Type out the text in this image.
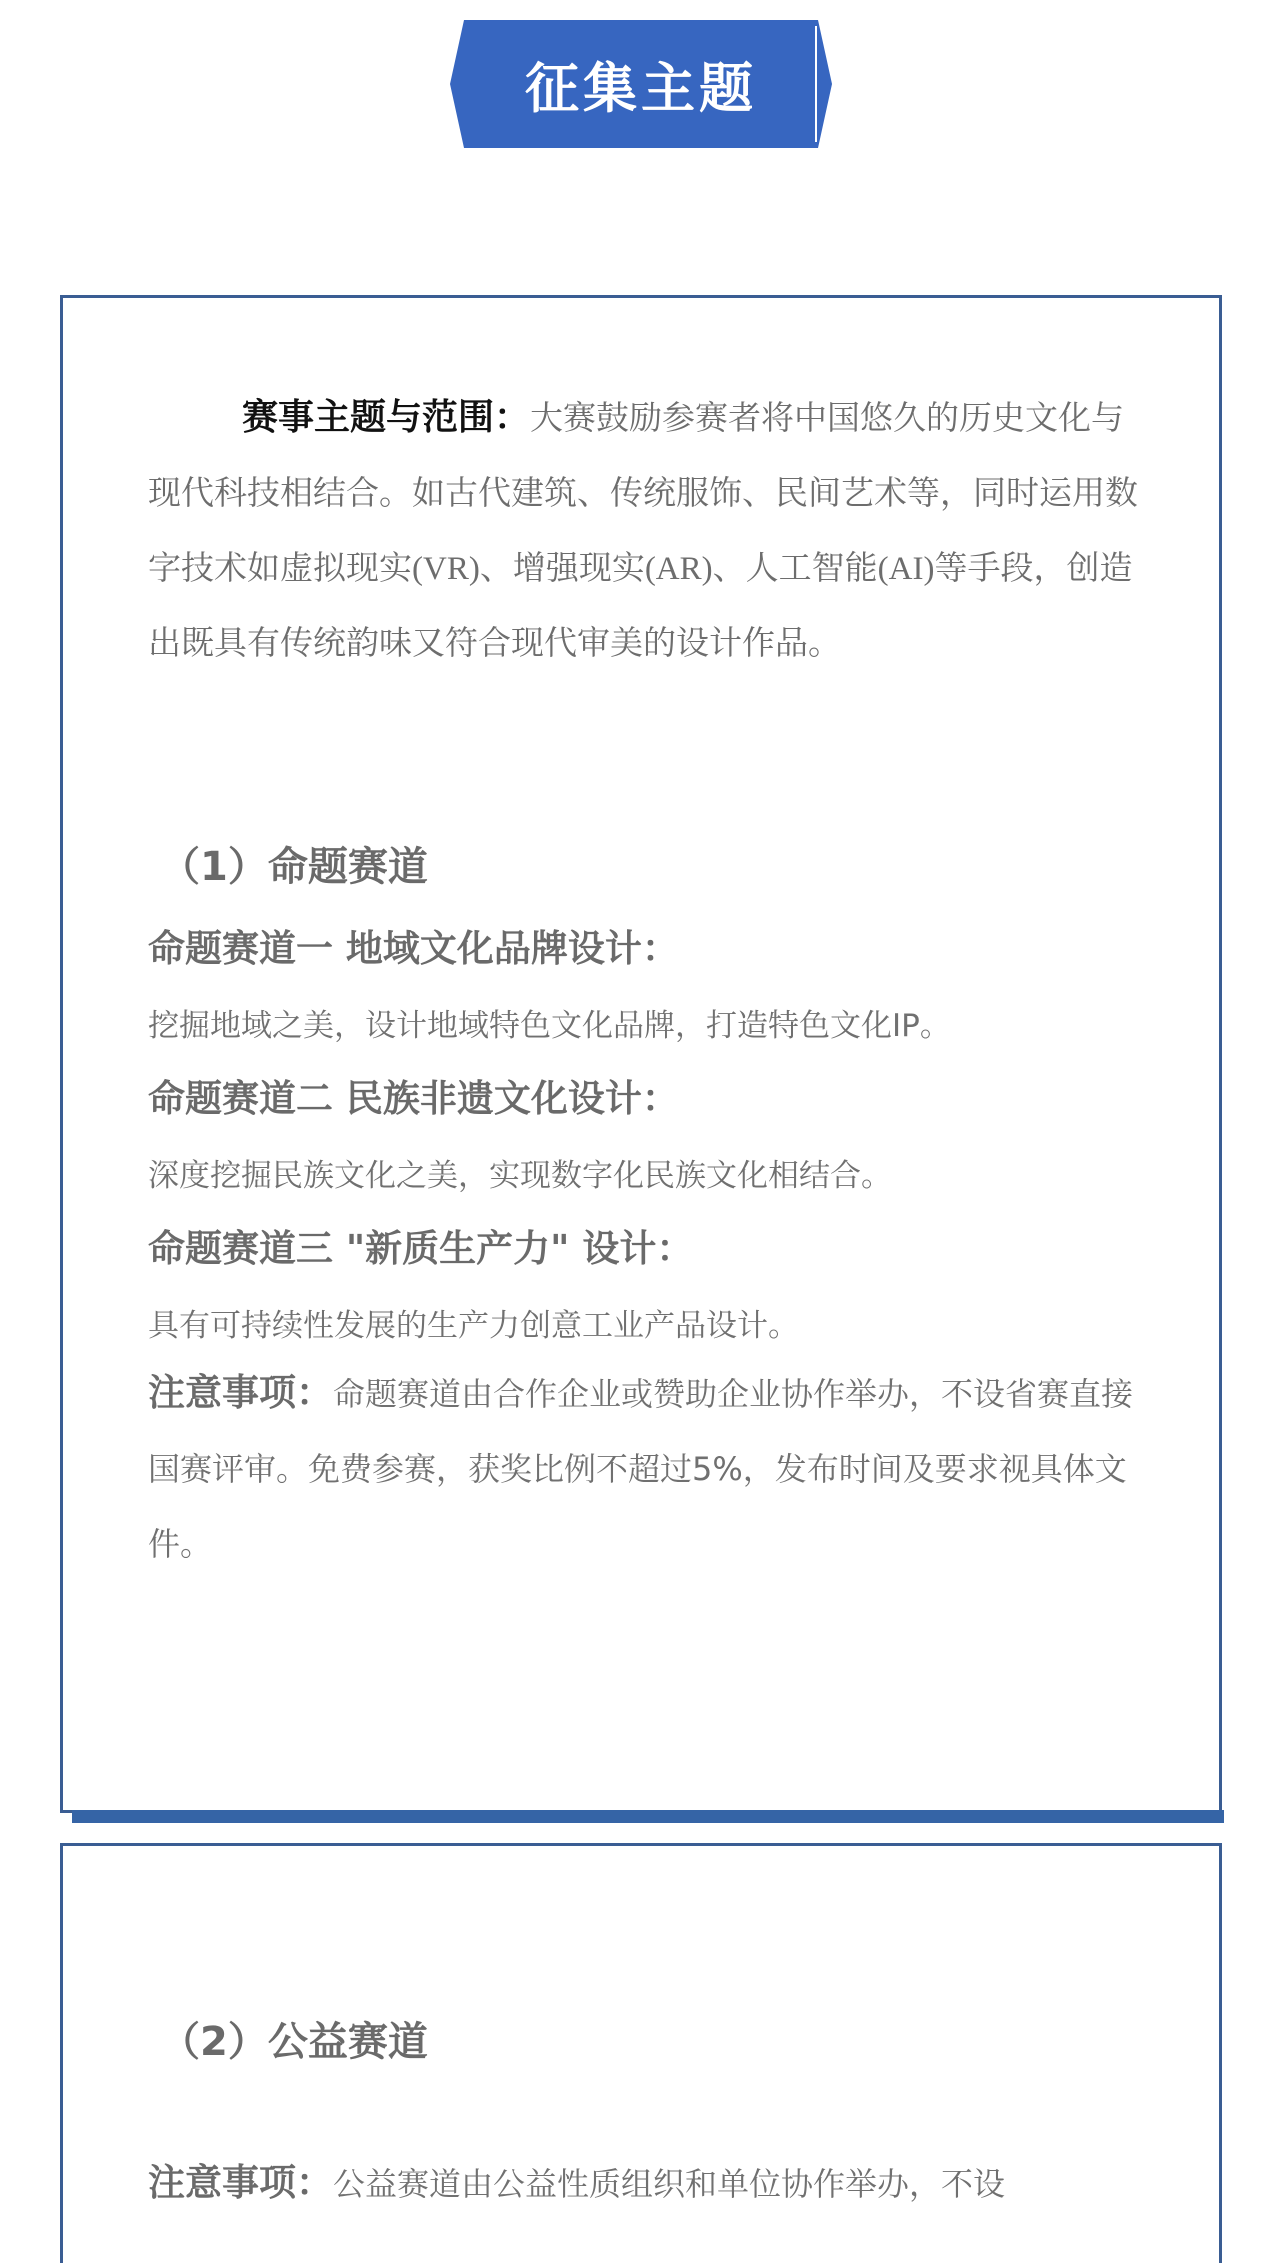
征集主题

赛事主题与范围：大赛鼓励参赛者将中国悠久的历史文化与现代科技相结合。如古代建筑、传统服饰、民间艺术等，同时运用数字技术如虚拟现实(VR)、增强现实(AR)、人工智能(AI)等手段，创造出既具有传统韵味又符合现代审美的设计作品。

（1）命题赛道
命题赛道一 地域文化品牌设计：

挖掘地域之美，设计地域特色文化品牌，打造特色文化IP。

命题赛道二 民族非遗文化设计：

深度挖掘民族文化之美，实现数字化民族文化相结合。

命题赛道三 "新质生产力" 设计：

具有可持续性发展的生产力创意工业产品设计。

注意事项：命题赛道由合作企业或赞助企业协作举办，不设省赛直接国赛评审。免费参赛，获奖比例不超过5%，发布时间及要求视具体文件。

（2）公益赛道

注意事项：公益赛道由公益性质组织和单位协作举办，不设
